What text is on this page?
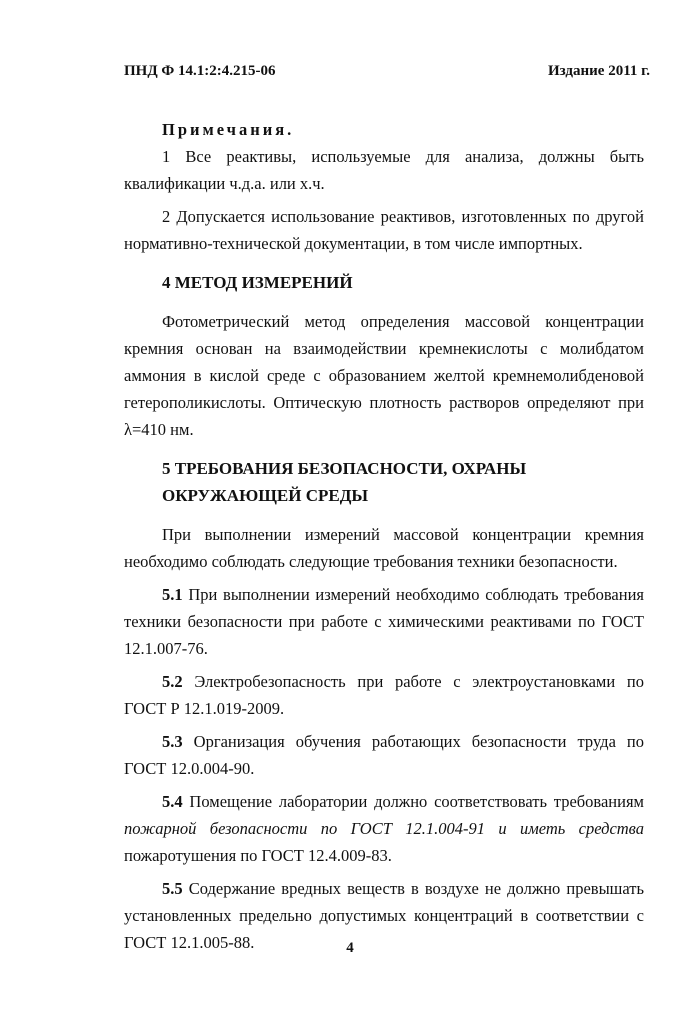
ПНД Ф 14.1:2:4.215-06	Издание 2011 г.

Примечания.

1 Все реактивы, используемые для анализа, должны быть квалификации ч.д.а. или х.ч.

2 Допускается использование реактивов, изготовленных по другой нормативно-технической документации, в том числе импортных.

4 МЕТОД ИЗМЕРЕНИЙ

Фотометрический метод определения массовой концентрации кремния основан на взаимодействии кремнекислоты с молибдатом аммония в кислой среде с образованием желтой кремнемолибденовой гетерополикислоты. Оптическую плотность растворов определяют при λ=410 нм.

5 ТРЕБОВАНИЯ БЕЗОПАСНОСТИ, ОХРАНЫ
ОКРУЖАЮЩЕЙ СРЕДЫ

При выполнении измерений массовой концентрации кремния необходимо соблюдать следующие требования техники безопасности.

5.1 При выполнении измерений необходимо соблюдать требования техники безопасности при работе с химическими реактивами по ГОСТ 12.1.007-76.

5.2 Электробезопасность при работе с электроустановками по ГОСТ Р 12.1.019-2009.

5.3 Организация обучения работающих безопасности труда по ГОСТ 12.0.004-90.

5.4 Помещение лаборатории должно соответствовать требованиям пожарной безопасности по ГОСТ 12.1.004-91 и иметь средства пожаротушения по ГОСТ 12.4.009-83.

5.5 Содержание вредных веществ в воздухе не должно превышать установленных предельно допустимых концентраций в соответствии с ГОСТ 12.1.005-88.	4
